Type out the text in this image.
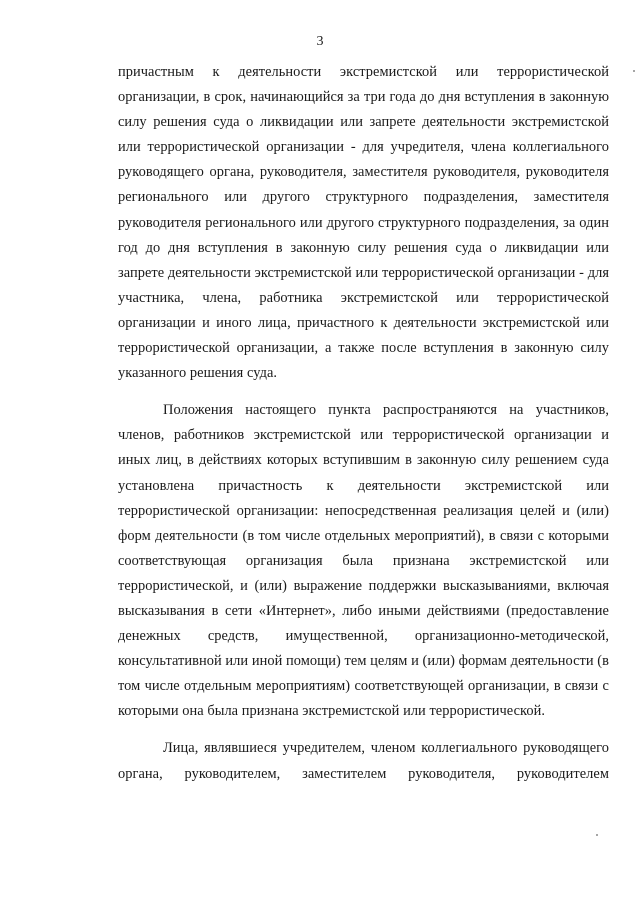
3

причастным к деятельности экстремистской или террористической организации, в срок, начинающийся за три года до дня вступления в законную силу решения суда о ликвидации или запрете деятельности экстремистской или террористической организации - для учредителя, члена коллегиального руководящего органа, руководителя, заместителя руководителя, руководителя регионального или другого структурного подразделения, заместителя руководителя регионального или другого структурного подразделения, за один год до дня вступления в законную силу решения суда о ликвидации или запрете деятельности экстремистской или террористической организации - для участника, члена, работника экстремистской или террористической организации и иного лица, причастного к деятельности экстремистской или террористической организации, а также после вступления в законную силу указанного решения суда.

Положения настоящего пункта распространяются на участников, членов, работников экстремистской или террористической организации и иных лиц, в действиях которых вступившим в законную силу решением суда установлена причастность к деятельности экстремистской или террористической организации: непосредственная реализация целей и (или) форм деятельности (в том числе отдельных мероприятий), в связи с которыми соответствующая организация была признана экстремистской или террористической, и (или) выражение поддержки высказываниями, включая высказывания в сети «Интернет», либо иными действиями (предоставление денежных средств, имущественной, организационно-методической, консультативной или иной помощи) тем целям и (или) формам деятельности (в том числе отдельным мероприятиям) соответствующей организации, в связи с которыми она была признана экстремистской или террористической.

Лица, являвшиеся учредителем, членом коллегиального руководящего органа, руководителем, заместителем руководителя, руководителем
